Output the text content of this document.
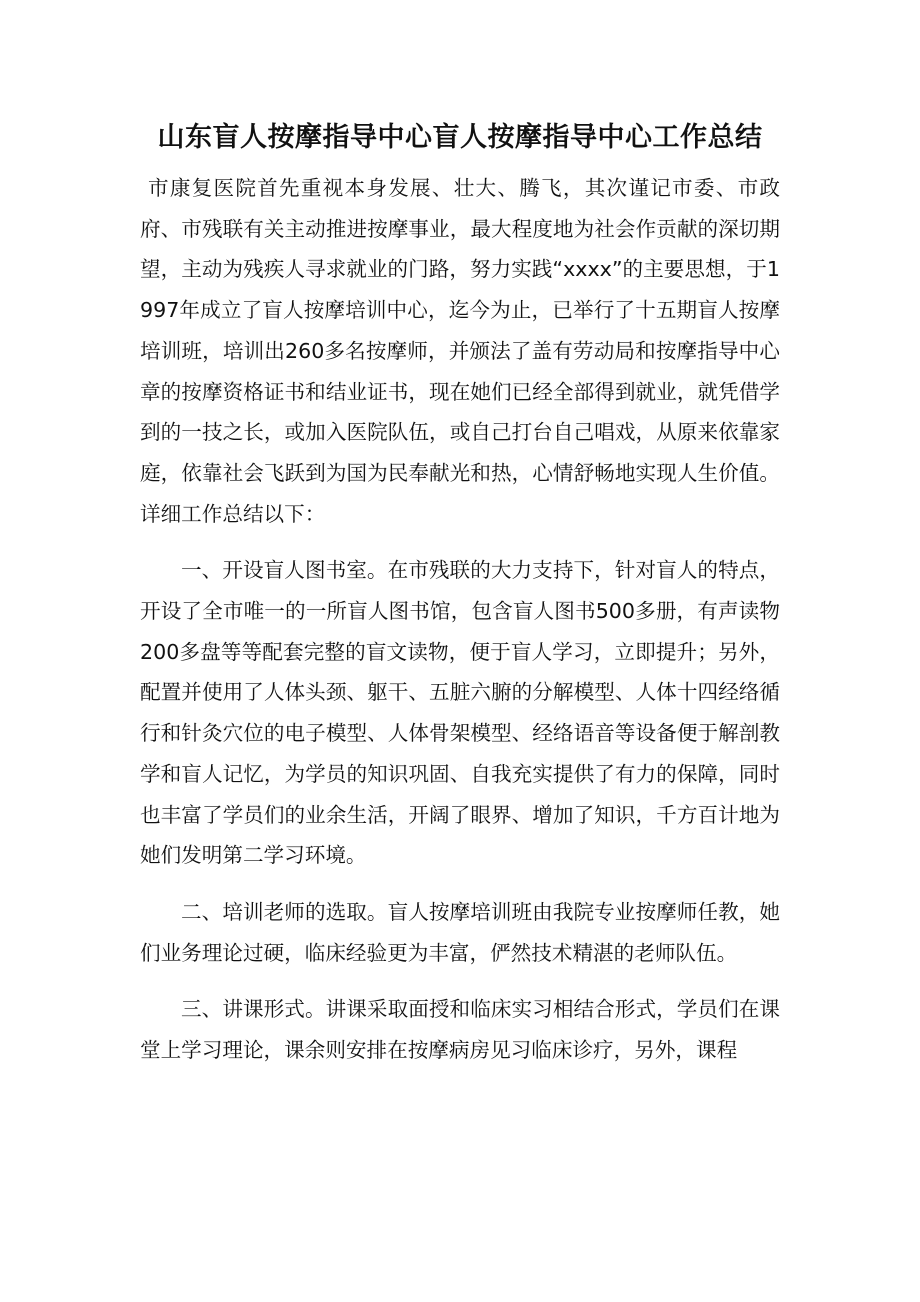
山东盲人按摩指导中心盲人按摩指导中心工作总结

市康复医院首先重视本身发展、壮大、腾飞，其次谨记市委、市政府、市残联有关主动推进按摩事业，最大程度地为社会作贡献的深切期望，主动为残疾人寻求就业的门路，努力实践“xxxx”的主要思想，于1997年成立了盲人按摩培训中心，迄今为止，已举行了十五期盲人按摩培训班，培训出260多名按摩师，并颁法了盖有劳动局和按摩指导中心章的按摩资格证书和结业证书，现在她们已经全部得到就业，就凭借学到的一技之长，或加入医院队伍，或自己打台自己唱戏，从原来依靠家庭，依靠社会飞跃到为国为民奉献光和热，心情舒畅地实现人生价值。详细工作总结以下：

一、开设盲人图书室。在市残联的大力支持下，针对盲人的特点，开设了全市唯一的一所盲人图书馆，包含盲人图书500多册，有声读物200多盘等等配套完整的盲文读物，便于盲人学习，立即提升；另外，配置并使用了人体头颈、躯干、五脏六腑的分解模型、人体十四经络循行和针灸穴位的电子模型、人体骨架模型、经络语音等设备便于解剖教学和盲人记忆，为学员的知识巩固、自我充实提供了有力的保障，同时也丰富了学员们的业余生活，开阔了眼界、增加了知识，千方百计地为她们发明第二学习环境。

二、培训老师的选取。盲人按摩培训班由我院专业按摩师任教，她们业务理论过硬，临床经验更为丰富，俨然技术精湛的老师队伍。

三、讲课形式。讲课采取面授和临床实习相结合形式，学员们在课堂上学习理论，课余则安排在按摩病房见习临床诊疗，另外，课程
